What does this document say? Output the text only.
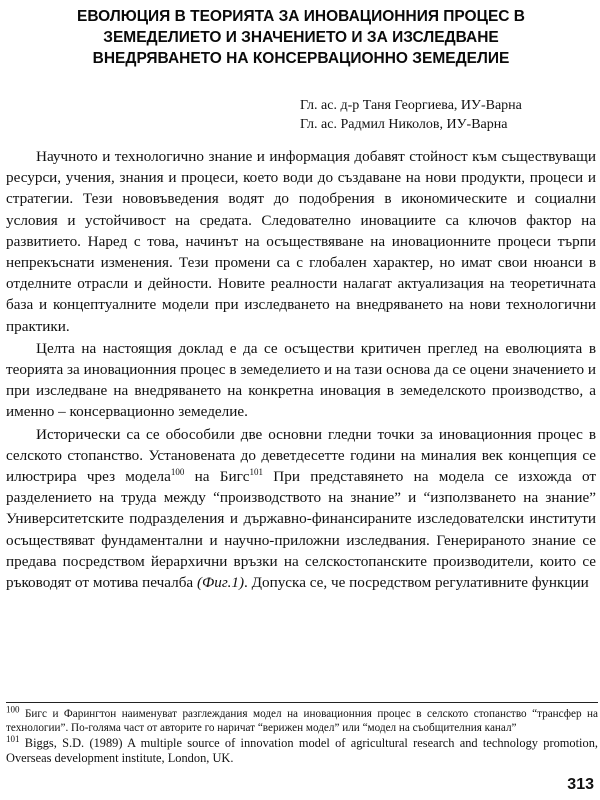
ЕВОЛЮЦИЯ В ТЕОРИЯТА ЗА ИНОВАЦИОННИЯ ПРОЦЕС В
ЗЕМЕДЕЛИЕТО И ЗНАЧЕНИЕТО И ЗА ИЗСЛЕДВАНЕ
ВНЕДРЯВАНЕТО НА КОНСЕРВАЦИОННО ЗЕМЕДЕЛИЕ
Гл. ас. д-р Таня Георгиева, ИУ-Варна
Гл. ас. Радмил Николов, ИУ-Варна

Научното и технологично знание и информация добавят стойност към съществуващи ресурси, учения, знания и процеси, което води до създаване на нови продукти, процеси и стратегии. Тези нововъведения водят до подобрения в икономическите и социални условия и устойчивост на средата. Следователно иновациите са ключов фактор на развитието. Наред с това, начинът на осъществяване на иновационните процеси търпи непрекъснати изменения. Тези промени са с глобален характер, но имат свои нюанси в отделните отрасли и дейности. Новите реалности налагат актуализация на теоретичната база и концептуалните модели при изследването на внедряването на нови технологични практики.

Целта на настоящия доклад е да се осъществи критичен преглед на еволюцията в теорията за иновационния процес в земеделието и на тази основа да се оцени значението и при изследване на внедряването на конкретна иновация в земеделското производство, а именно – консервационно земеделие.

Исторически са се обособили две основни гледни точки за иновационния процес в селското стопанство. Установената до деветдесетте години на миналия век концепция се илюстрира чрез модела$^{100}$ на Бигс$^{101}$ При представянето на модела се изхожда от разделението на труда между “производството на знание” и “използването на знание” Университетските подразделения и държавно-финансираните изследователски институти осъществяват фундаментални и научно-приложни изследвания. Генерираното знание се предава посредством йерархични връзки на селскостопанските производители, които се ръководят от мотива печалба (Фиг.1). Допуска се, че посредством регулативните функции

$^{100}$ Бигс и Фарингтон наименуват разглеждания модел на иновационния процес в селското стопанство “трансфер на технологии”. По-голяма част от авторите го наричат “верижен модел” или “модел на съобщителния канал”

$^{101}$ Biggs, S.D. (1989) A multiple source of innovation model of agricultural research and technology promotion, Overseas development institute, London, UK.

313
